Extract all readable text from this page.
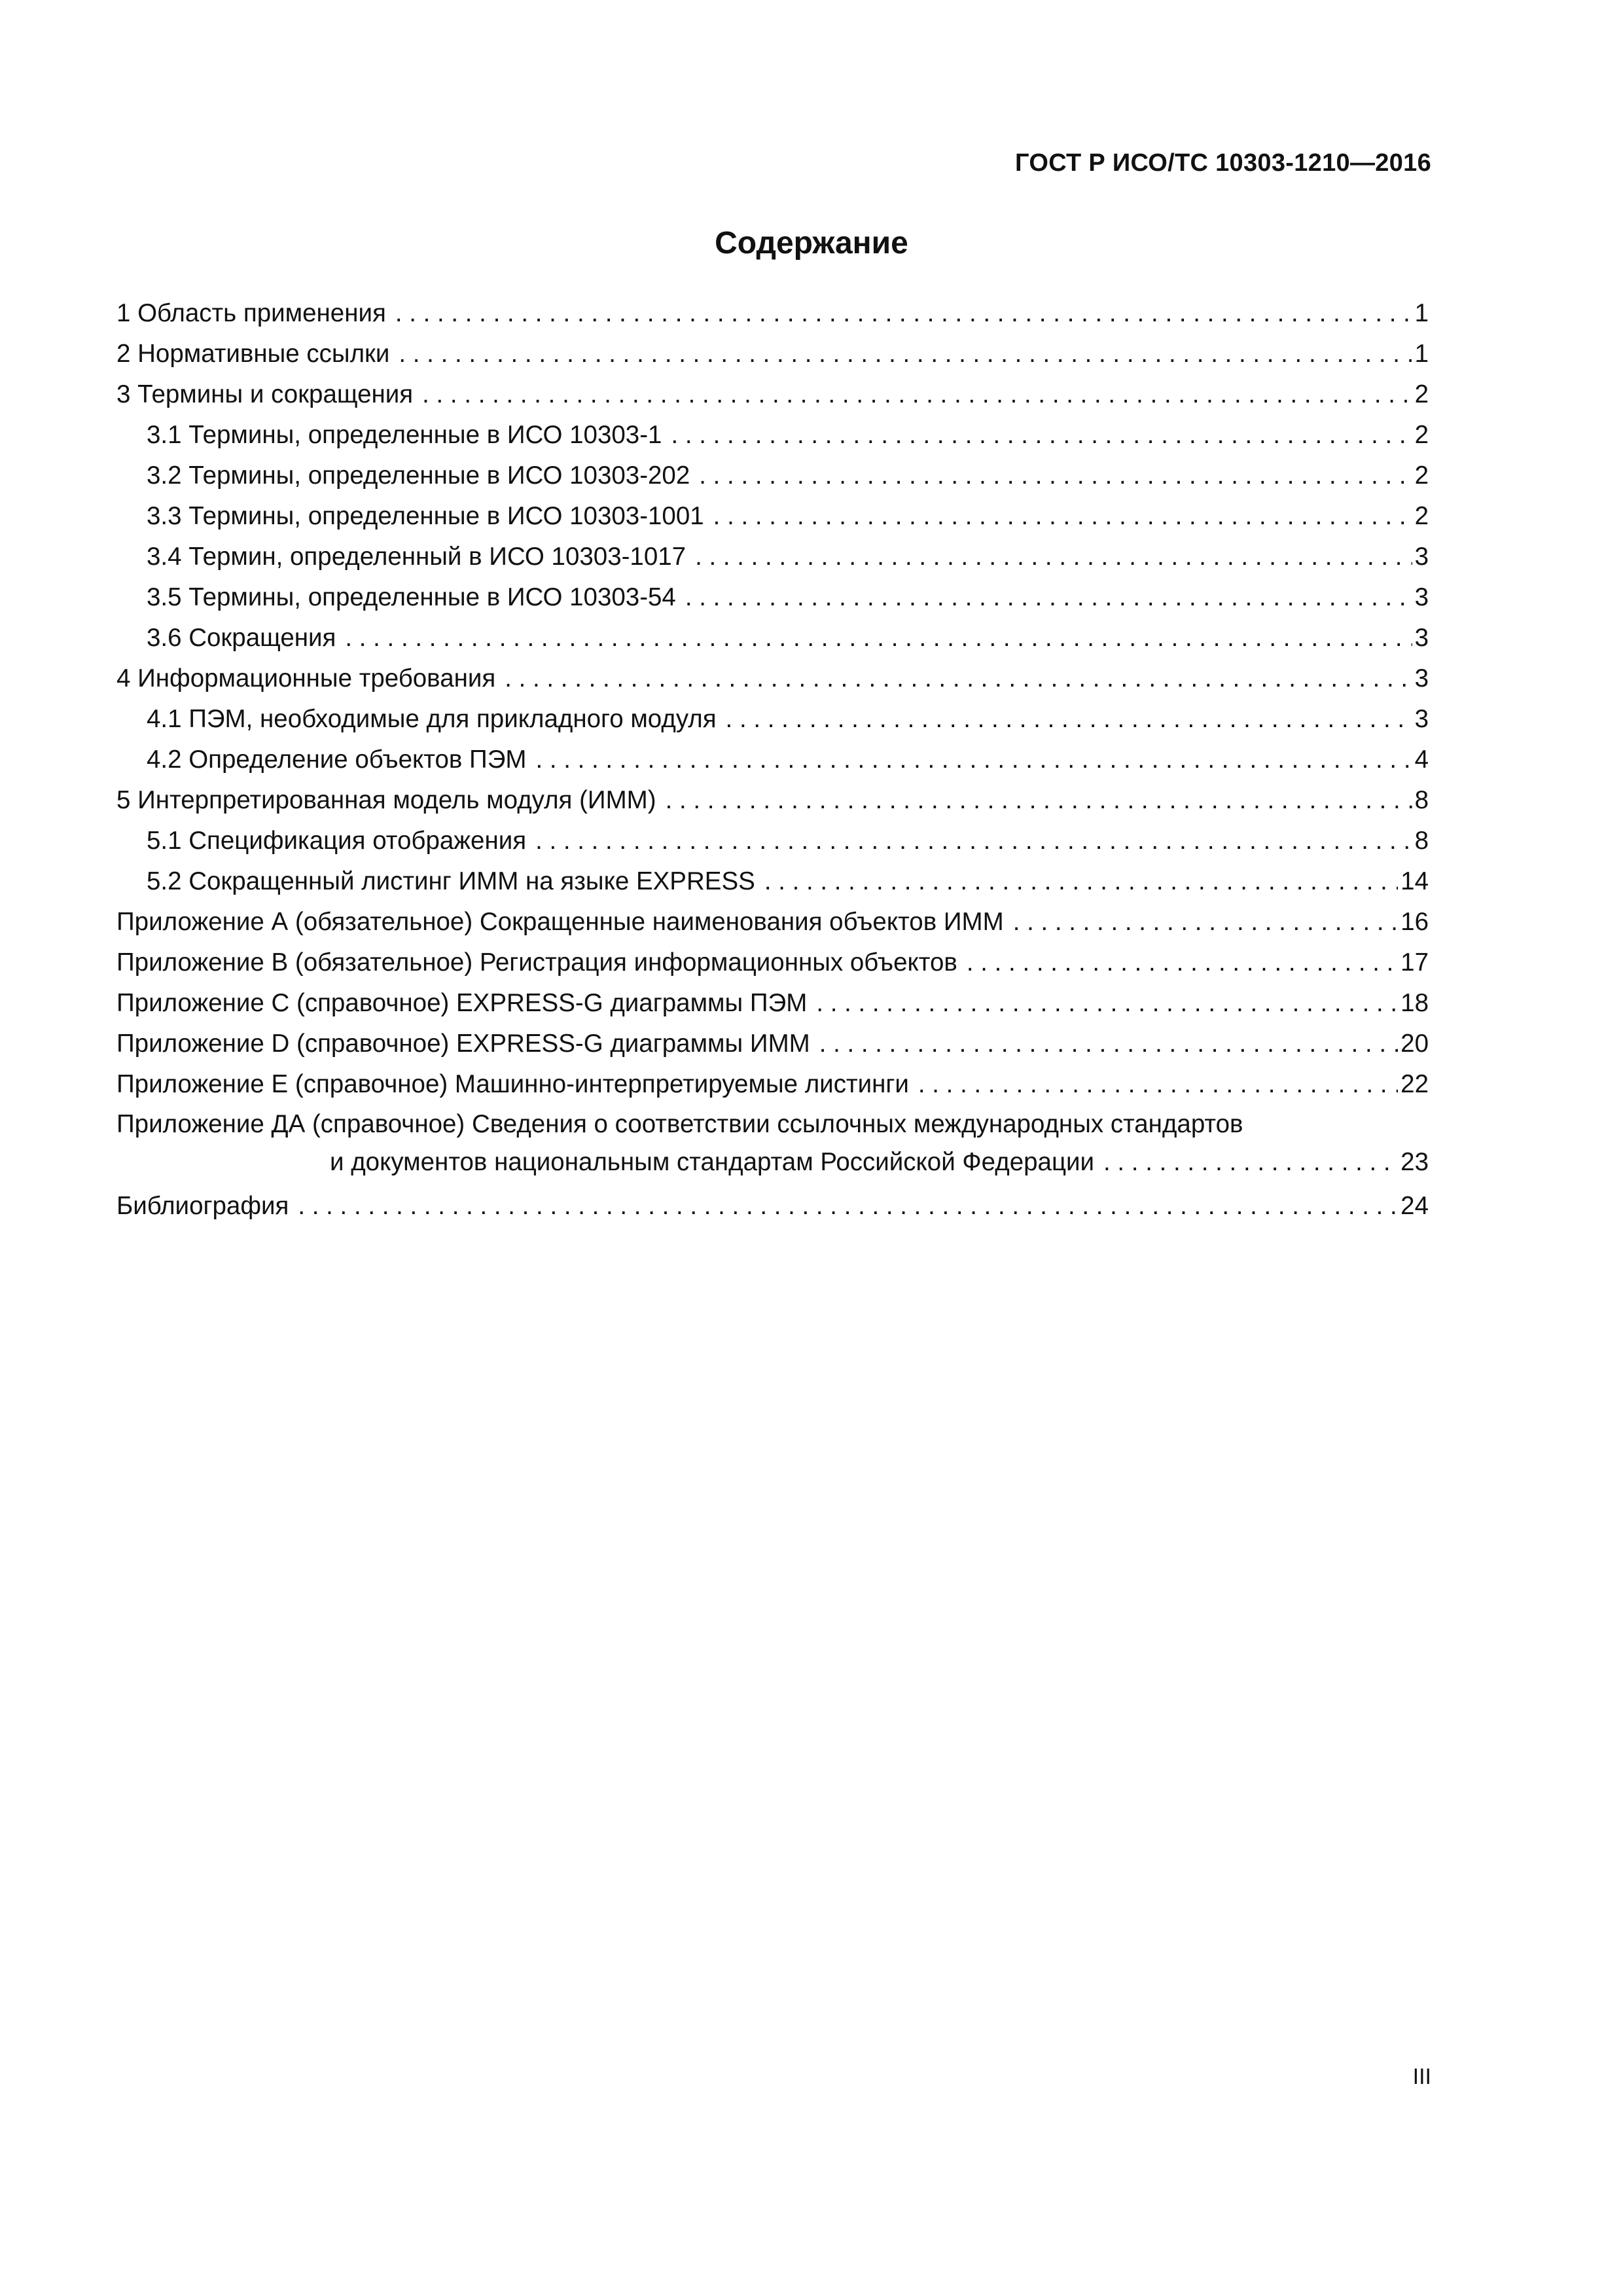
ГОСТ Р ИСО/ТС 10303-1210—2016
Содержание
1 Область применения . . .	1
2 Нормативные ссылки . . .	1
3 Термины и сокращения . . .	2
3.1 Термины, определенные в ИСО 10303-1 . . .	2
3.2 Термины, определенные в ИСО 10303-202 . . .	2
3.3 Термины, определенные в ИСО 10303-1001 . . .	2
3.4 Термин, определенный в ИСО 10303-1017 . . .	3
3.5 Термины, определенные в ИСО 10303-54 . . .	3
3.6 Сокращения . . .	3
4 Информационные требования . . .	3
4.1 ПЭМ, необходимые для прикладного модуля . . .	3
4.2 Определение объектов ПЭМ . . .	4
5 Интерпретированная модель модуля (ИММ) . . .	8
5.1 Спецификация отображения . . .	8
5.2 Сокращенный листинг ИММ на языке EXPRESS . . .	14
Приложение А (обязательное) Сокращенные наименования объектов ИММ . . .	16
Приложение В (обязательное) Регистрация информационных объектов . . .	17
Приложение С (справочное) EXPRESS-G диаграммы ПЭМ . . .	18
Приложение D (справочное) EXPRESS-G диаграммы ИММ . . .	20
Приложение Е (справочное) Машинно-интерпретируемые листинги . . .	22
Приложение ДА (справочное) Сведения о соответствии ссылочных международных стандартов
и документов национальным стандартам Российской Федерации . . .	23
Библиография . . .	24
III
